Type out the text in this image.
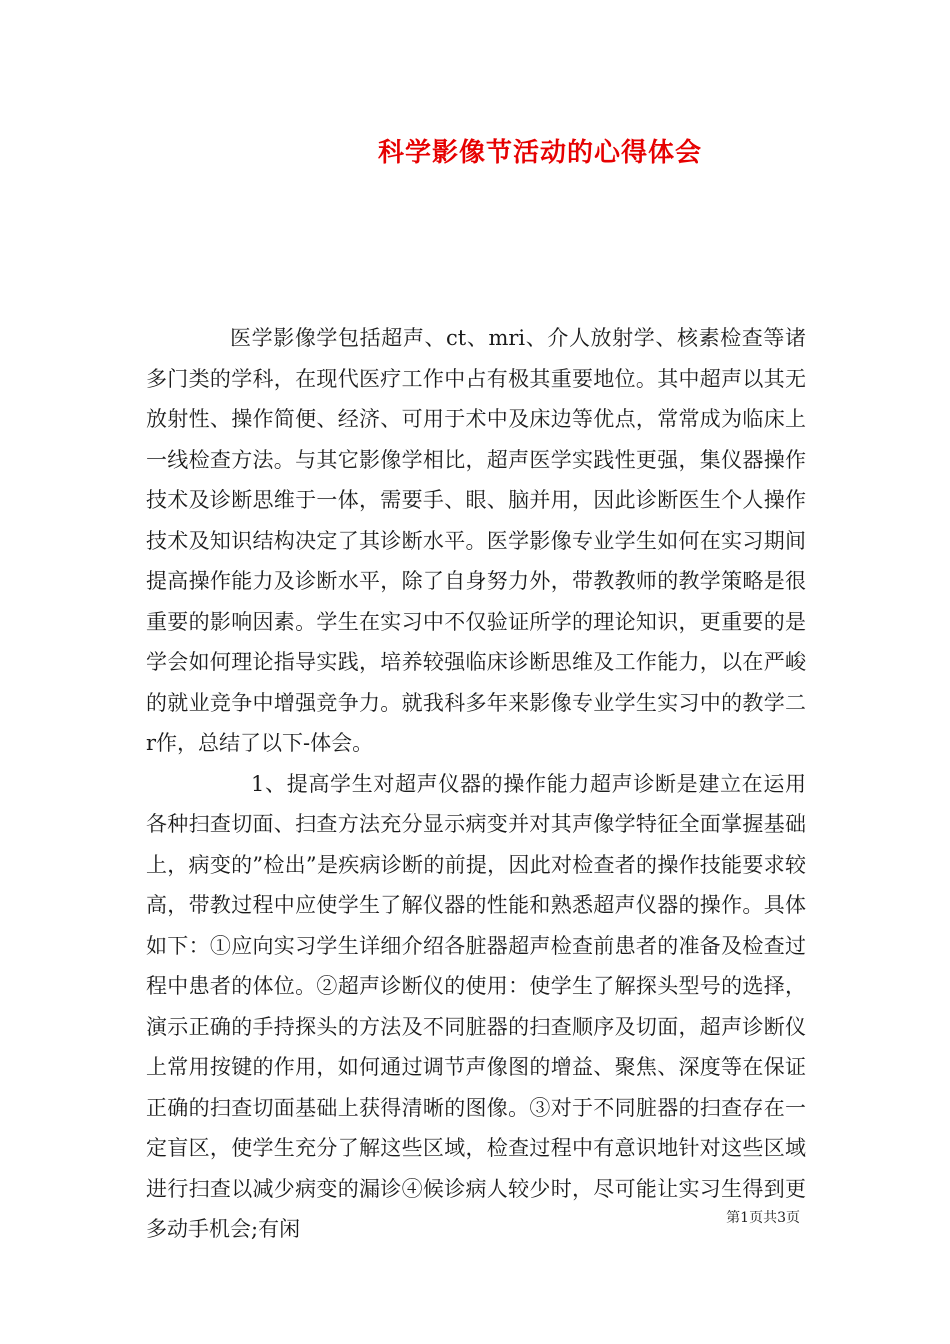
科学影像节活动的心得体会

医学影像学包括超声、ct、mri、介人放射学、核素检查等诸多门类的学科，在现代医疗工作中占有极其重要地位。其中超声以其无放射性、操作简便、经济、可用于术中及床边等优点，常常成为临床上一线检查方法。与其它影像学相比，超声医学实践性更强，集仪器操作技术及诊断思维于一体，需要手、眼、脑并用，因此诊断医生个人操作技术及知识结构决定了其诊断水平。医学影像专业学生如何在实习期间提高操作能力及诊断水平，除了自身努力外，带教教师的教学策略是很重要的影响因素。学生在实习中不仅验证所学的理论知识，更重要的是学会如何理论指导实践，培养较强临床诊断思维及工作能力，以在严峻的就业竞争中增强竞争力。就我科多年来影像专业学生实习中的教学二r作，总结了以下-体会。

1、提高学生对超声仪器的操作能力超声诊断是建立在运用各种扫查切面、扫查方法充分显示病变并对其声像学特征全面掌握基础上，病变的”检出”是疾病诊断的前提，因此对检查者的操作技能要求较高，带教过程中应使学生了解仪器的性能和熟悉超声仪器的操作。具体如下：①应向实习学生详细介绍各脏器超声检查前患者的准备及检查过程中患者的体位。②超声诊断仪的使用：使学生了解探头型号的选择，演示正确的手持探头的方法及不同脏器的扫查顺序及切面，超声诊断仪上常用按键的作用，如何通过调节声像图的增益、聚焦、深度等在保证正确的扫查切面基础上获得清晰的图像。③对于不同脏器的扫查存在一定盲区，使学生充分了解这些区域，检查过程中有意识地针对这些区域进行扫查以减少病变的漏诊④候诊病人较少时，尽可能让实习生得到更多动手机会;有闲	第1页共3页
